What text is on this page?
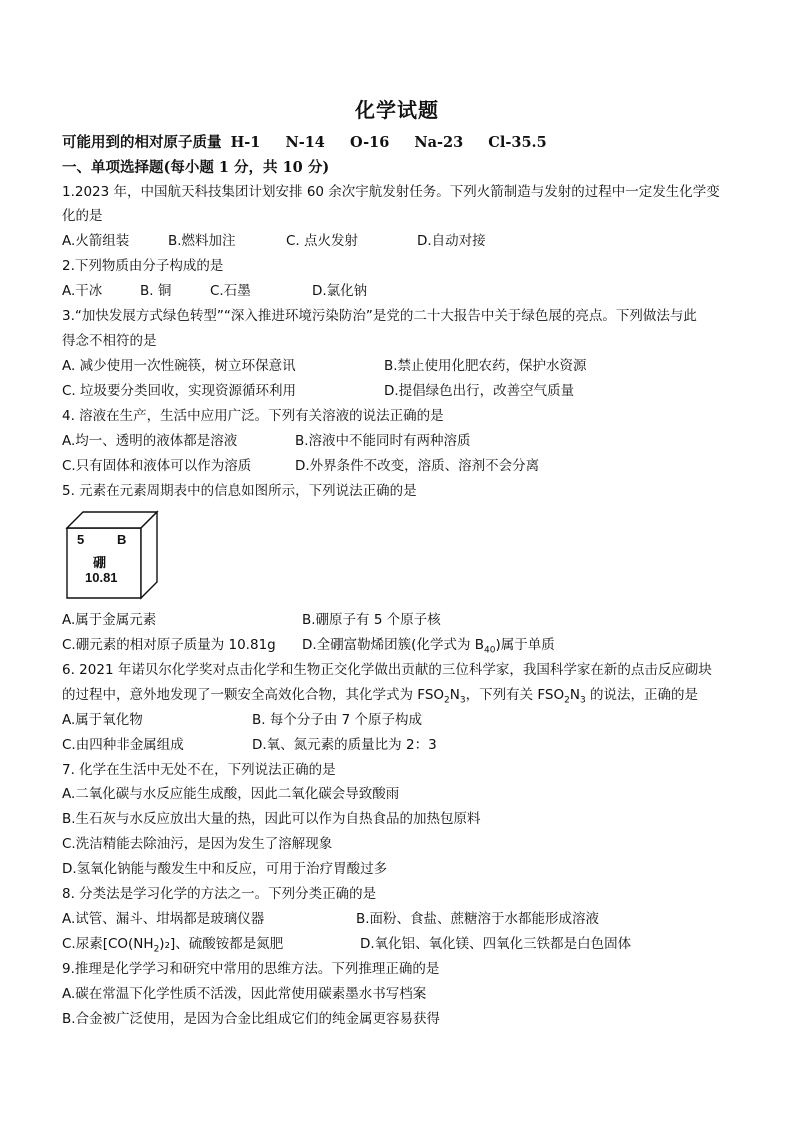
化学试题
可能用到的相对原子质量 H-1 N-14 O-16 Na-23 Cl-35.5
一、单项选择题(每小题 1 分，共 10 分)
1.2023 年，中国航天科技集团计划安排 60 余次宇航发射任务。下列火箭制造与发射的过程中一定发生化学变
化的是
A.火箭组装	B.燃料加注	C. 点火发射	D.自动对接
2.下列物质由分子构成的是
A.干冰	B. 铜	C.石墨	D.氯化钠
3.“加快发展方式绿色转型”“深入推进环境污染防治”是党的二十大报告中关于绿色展的亮点。下列做法与此
得念不相符的是
A. 减少使用一次性碗筷，树立环保意讯	B.禁止使用化肥农药，保护水资源
C. 垃圾要分类回收，实现资源循环利用	D.提倡绿色出行，改善空气质量
4. 溶液在生产，生活中应用广泛。下列有关溶液的说法正确的是
A.均一、透明的液体都是溶液	B.溶液中不能同时有两种溶质
C.只有固体和液体可以作为溶质	D.外界条件不改变，溶质、溶剂不会分离
5. 元素在元素周期表中的信息如图所示，下列说法正确的是
5	B
硼
10.81
A.属于金属元素	B.硼原子有 5 个原子核
C.硼元素的相对原子质量为 10.81g D.全硼富勒烯团簇(化学式为 $B_{40}$)属于单质
6. 2021 年诺贝尔化学奖对点击化学和生物正交化学做出贡献的三位科学家，我国科学家在新的点击反应砌块
的过程中，意外地发现了一颗安全高效化合物，其化学式为 $FSO_2N_3$，下列有关 $FSO_2N_3$ 的说法，正确的是
A.属于氧化物	B. 每个分子由 7 个原子构成
C.由四种非金属组成	D.氧、氮元素的质量比为 2：3
7. 化学在生活中无处不在，下列说法正确的是
A.二氧化碳与水反应能生成酸，因此二氧化碳会导致酸雨
B.生石灰与水反应放出大量的热，因此可以作为自热食品的加热包原料
C.洗洁精能去除油污，是因为发生了溶解现象
D.氢氧化钠能与酸发生中和反应，可用于治疗胃酸过多
8. 分类法是学习化学的方法之一。下列分类正确的是
A.试管、漏斗、坩埚都是玻璃仪器	B.面粉、食盐、蔗糖溶于水都能形成溶液
C.尿素$[CO(NH_2)_2]$、硫酸铵都是氮肥	D.氧化铝、氧化镁、四氧化三铁都是白色固体
9.推理是化学学习和研究中常用的思维方法。下列推理正确的是
A.碳在常温下化学性质不活泼，因此常使用碳素墨水书写档案
B.合金被广泛使用，是因为合金比组成它们的纯金属更容易获得
